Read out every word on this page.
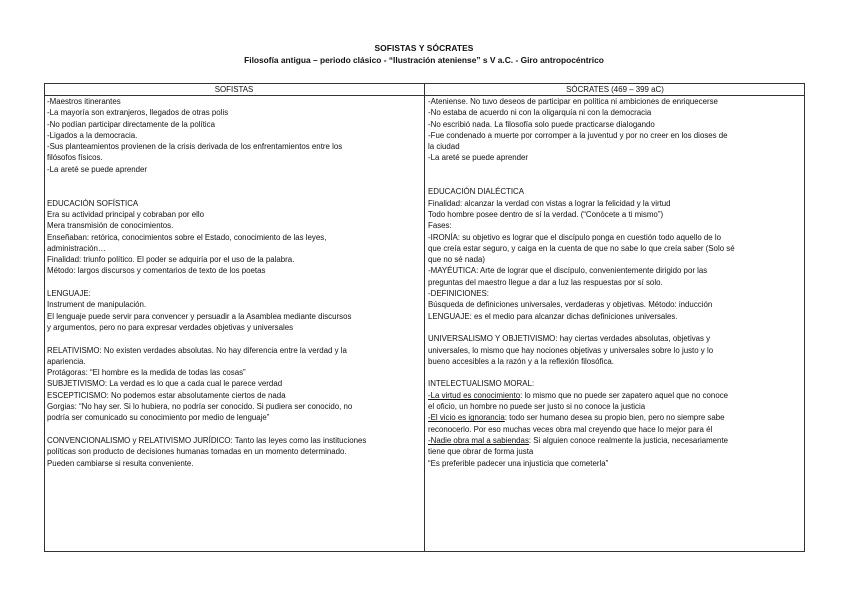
SOFISTAS Y SÓCRATES
Filosofía antigua – periodo clásico - “Ilustración ateniense” s V a.C. - Giro antropocéntrico
SOFISTAS
-Maestros itinerantes
-La mayoría son extranjeros, llegados de otras polis
-No podían participar directamente de la política
-Ligados a la democracia.
-Sus planteamientos provienen de la crisis derivada de los enfrentamientos entre los
filósofos físicos.
-La areté se puede aprender
EDUCACIÓN SOFÍSTICA
Era su actividad principal y cobraban por ello
Mera transmisión de conocimientos.
Enseñaban: retórica, conocimientos sobre el Estado, conocimiento de las leyes,
administración…
Finalidad: triunfo político. El poder se adquiría por el uso de la palabra.
Método: largos discursos y comentarios de texto de los poetas
LENGUAJE:
Instrument de manipulación.
El lenguaje puede servir para convencer y persuadir a la Asamblea mediante discursos
y argumentos, pero no para expresar verdades objetivas y universales
RELATIVISMO: No existen verdades absolutas. No hay diferencia entre la verdad y la
apariencia.
Protágoras: “El hombre es la medida de todas las cosas”
SUBJETIVISMO: La verdad es lo que a cada cual le parece verdad
ESCEPTICISMO: No podemos estar absolutamente ciertos de nada
Gorgias: “No hay ser. Si lo hubiera, no podría ser conocido. Si pudiera ser conocido, no
podría ser comunicado su conocimiento por medio de lenguaje”
CONVENCIONALISMO y RELATIVISMO JURÍDICO: Tanto las leyes como las instituciones
políticas son producto de decisiones humanas tomadas en un momento determinado.
Pueden cambiarse si resulta conveniente.
SÓCRATES (469 – 399 aC)
-Ateniense. No tuvo deseos de participar en política ni ambiciones de enriquecerse
-No estaba de acuerdo ni con la oligarquía ni con la democracia
-No escribió nada. La filosofía solo puede practicarse dialogando
-Fue condenado a muerte por corromper a la juventud y por no creer en los dioses de
la ciudad
-La areté se puede aprender
EDUCACIÓN DIALÉCTICA
Finalidad: alcanzar la verdad con vistas a lograr la felicidad y la virtud
Todo hombre posee dentro de sí la verdad. (“Conócete a ti mismo”)
Fases:
-IRONÍA: su objetivo es lograr que el discípulo ponga en cuestión todo aquello de lo
que creía estar seguro, y caiga en la cuenta de que no sabe lo que creía saber (Solo sé
que no sé nada)
-MAYÉUTICA: Arte de lograr que el discípulo, convenientemente dirigido por las
preguntas del maestro llegue a dar a luz las respuestas por sí solo.
-DEFINICIONES:
Búsqueda de definiciones universales, verdaderas y objetivas. Método: inducción
LENGUAJE: es el medio para alcanzar dichas definiciones universales.
UNIVERSALISMO Y OBJETIVISMO: hay ciertas verdades absolutas, objetivas y
universales, lo mismo que hay nociones objetivas y universales sobre lo justo y lo
bueno accesibles a la razón y a la reflexión filosófica.
INTELECTUALISMO MORAL:
-La virtud es conocimiento: lo mismo que no puede ser zapatero aquel que no conoce
el oficio, un hombre no puede ser justo si no conoce la justicia
-El vicio es ignorancia: todo ser humano desea su propio bien, pero no siempre sabe
reconocerlo. Por eso muchas veces obra mal creyendo que hace lo mejor para él
-Nadie obra mal a sabiendas: Si alguien conoce realmente la justicia, necesariamente
tiene que obrar de forma justa
“Es preferible padecer una injusticia que cometerla”
